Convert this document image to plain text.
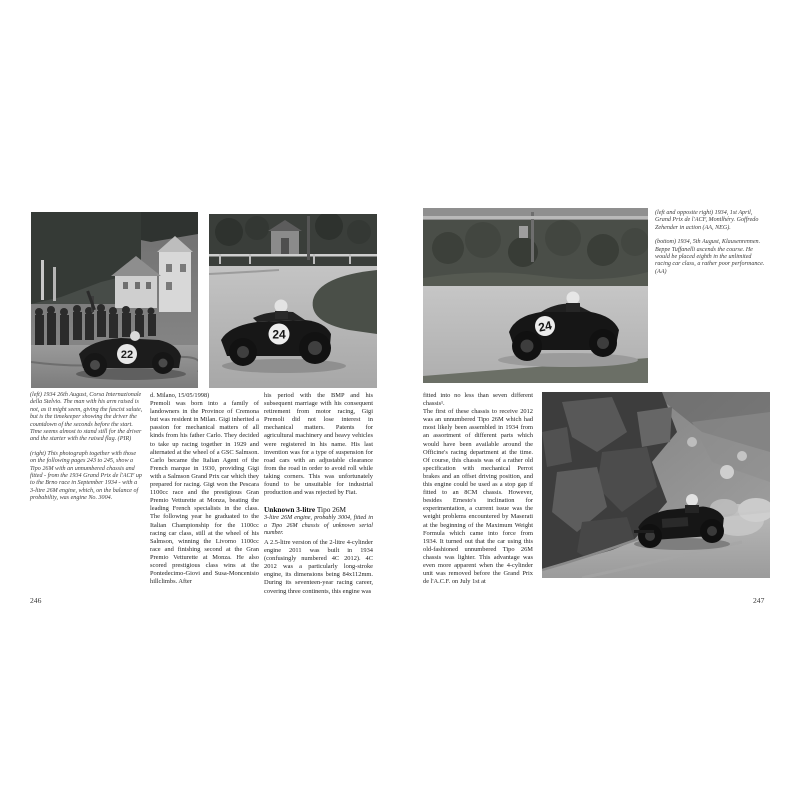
22
24

(left) 1934 26th August, Corsa Internazionale della Stelvio. The man with his arm raised is not, as it might seem, giving the fascist salute, but is the timekeeper showing the driver the countdown of the seconds before the start. Time seems almost to stand still for the driver and the starter with the raised flag. (PIR)

(right) This photograph together with those on the following pages 243 to 245, show a Tipo 26M with an unnumbered chassis and fitted - from the 1934 Grand Prix de l'ACF up to the Brno race in September 1934 - with a 3-litre 26M engine, which, on the balance of probability, was engine No. 3004.

d. Milano, 15/05/1998)

Premoli was born into a family of landowners in the Province of Cremona but was resident in Milan. Gigi inherited a passion for mechanical matters of all kinds from his father Carlo. They decided to take up racing together in 1929 and alternated at the wheel of a GSC Salmson. Carlo became the Italian Agent of the French marque in 1930, providing Gigi with a Salmson Grand Prix car which they prepared for racing. Gigi won the Pescara 1100cc race and the prestigious Gran Premio Vetturette at Monza, beating the leading French specialists in the class. The following year he graduated to the Italian Championship for the 1100cc racing car class, still at the wheel of his Salmson, winning the Livorno 1100cc race and finishing second at the Gran Premio Vetturette at Monza. He also scored prestigious class wins at the Pontedecimo-Giovi and Susa-Moncenisio hillclimbs. After

his period with the BMP and his subsequent marriage with his consequent retirement from motor racing, Gigi Premoli did not lose interest in mechanical matters. Patents for agricultural machinery and heavy vehicles were registered in his name. His last invention was for a type of suspension for road cars with an adjustable clearance from the road in order to avoid roll while taking corners. This was unfortunately found to be unsuitable for industrial production and was rejected by Fiat.

Unknown 3-litre Tipo 26M
3-litre 26M engine, probably 3004, fitted in a Tipo 26M chassis of unknown serial number.

A 2.5-litre version of the 2-litre 4-cylinder engine 2011 was built in 1934 (confusingly numbered 4C 2012). 4C 2012 was a particularly long-stroke engine, its dimensions being 84x112mm. During its seventeen-year racing career, covering three continents, this engine was

246
24

(left and opposite right) 1934, 1st April, Grand Prix de l'ACF, Montlhéry. Goffredo Zehender in action (AA, NEG).

(bottom) 1934, 5th August, Klausenrennen. Beppe Tuffanelli ascends the course. He would be placed eighth in the unlimited racing car class, a rather poor performance. (AA)

fitted into no less than seven different chassis¹.

The first of these chassis to receive 2012 was an unnumbered Tipo 26M which had most likely been assembled in 1934 from an assortment of different parts which would have been available around the Officine's racing department at the time. Of course, this chassis was of a rather old specification with mechanical Perrot brakes and an offset driving position, and this engine could be used as a stop gap if fitted to an 8CM chassis. However, besides Ernesto's inclination for experimentation, a current issue was the weight problems encountered by Maserati at the beginning of the Maximum Weight Formula which came into force from 1934. It turned out that the car using this old-fashioned unnumbered Tipo 26M chassis was lighter. This advantage was even more apparent when the 4-cylinder unit was removed before the Grand Prix de l'A.C.F. on July 1st at

247
